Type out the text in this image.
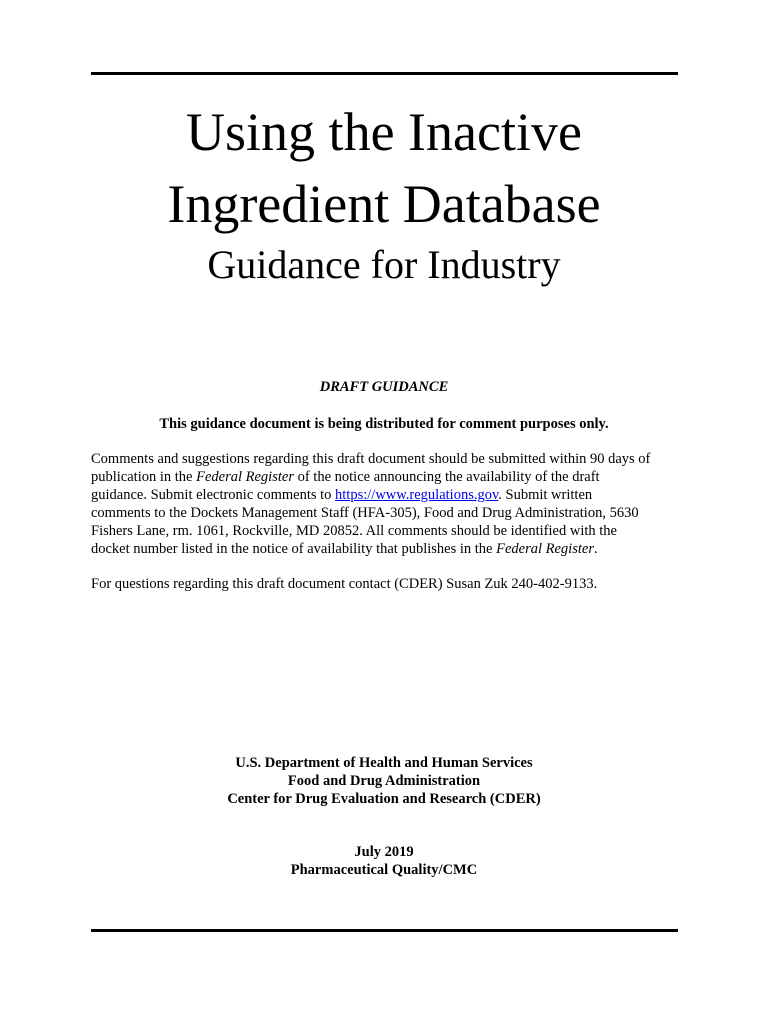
Using the Inactive
Ingredient Database
Guidance for Industry
DRAFT GUIDANCE
This guidance document is being distributed for comment purposes only.
Comments and suggestions regarding this draft document should be submitted within 90 days of
publication in the Federal Register of the notice announcing the availability of the draft
guidance. Submit electronic comments to https://www.regulations.gov. Submit written
comments to the Dockets Management Staff (HFA-305), Food and Drug Administration, 5630
Fishers Lane, rm. 1061, Rockville, MD 20852. All comments should be identified with the
docket number listed in the notice of availability that publishes in the Federal Register.
For questions regarding this draft document contact (CDER) Susan Zuk 240-402-9133.
U.S. Department of Health and Human Services
Food and Drug Administration
Center for Drug Evaluation and Research (CDER)
July 2019
Pharmaceutical Quality/CMC
